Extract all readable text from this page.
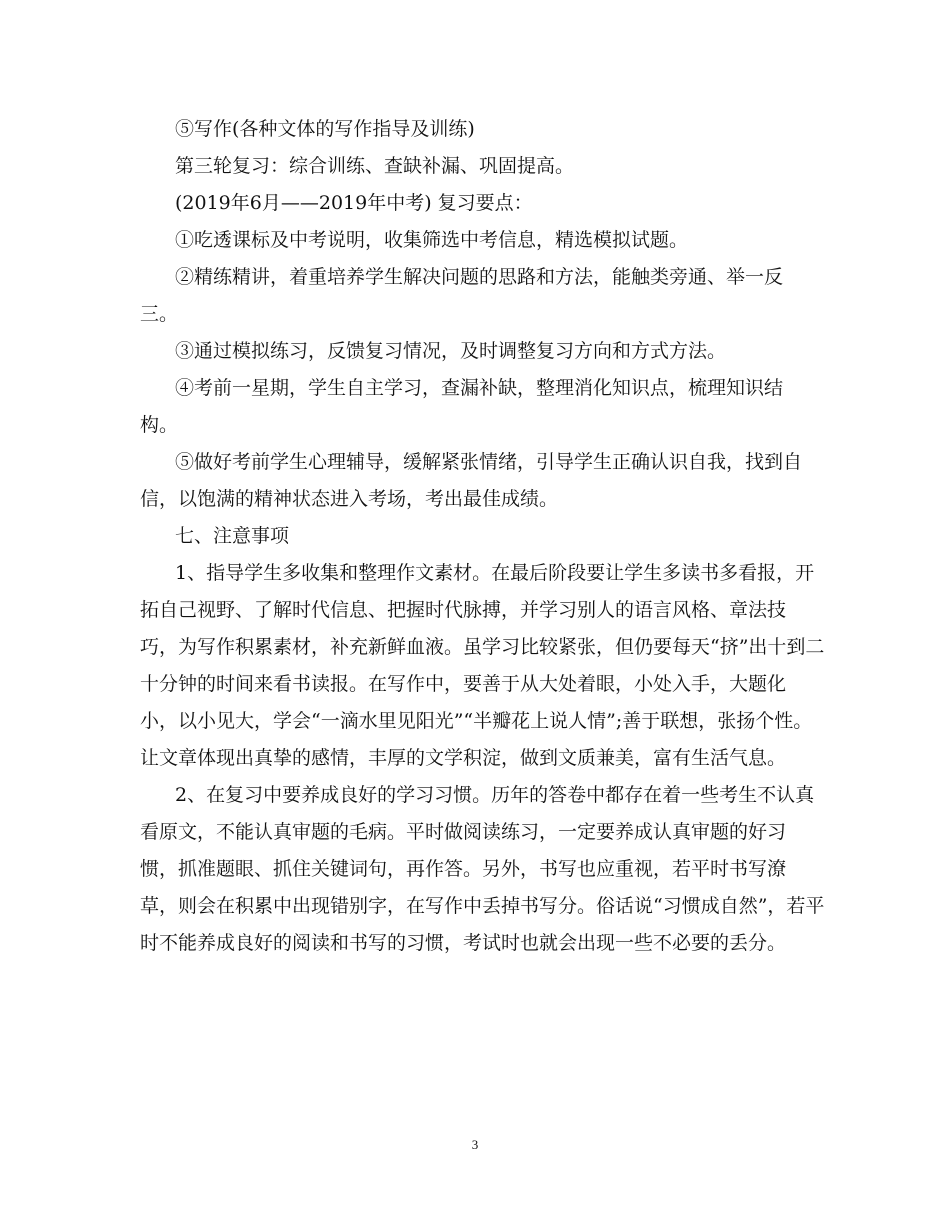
⑤写作(各种文体的写作指导及训练)
第三轮复习：综合训练、查缺补漏、巩固提高。
(2019年6月——2019年中考) 复习要点：
①吃透课标及中考说明，收集筛选中考信息，精选模拟试题。
②精练精讲，着重培养学生解决问题的思路和方法，能触类旁通、举一反
三。
③通过模拟练习，反馈复习情况，及时调整复习方向和方式方法。
④考前一星期，学生自主学习，查漏补缺，整理消化知识点，梳理知识结
构。
⑤做好考前学生心理辅导，缓解紧张情绪，引导学生正确认识自我，找到自
信，以饱满的精神状态进入考场，考出最佳成绩。
七、注意事项
1、指导学生多收集和整理作文素材。在最后阶段要让学生多读书多看报，开
拓自己视野、了解时代信息、把握时代脉搏，并学习别人的语言风格、章法技
巧，为写作积累素材，补充新鲜血液。虽学习比较紧张，但仍要每天“挤”出十到二
十分钟的时间来看书读报。在写作中，要善于从大处着眼，小处入手，大题化
小，以小见大，学会“一滴水里见阳光”“半瓣花上说人情”;善于联想，张扬个性。
让文章体现出真挚的感情，丰厚的文学积淀，做到文质兼美，富有生活气息。
2、在复习中要养成良好的学习习惯。历年的答卷中都存在着一些考生不认真
看原文，不能认真审题的毛病。平时做阅读练习，一定要养成认真审题的好习
惯，抓准题眼、抓住关键词句，再作答。另外，书写也应重视，若平时书写潦
草，则会在积累中出现错别字，在写作中丢掉书写分。俗话说“习惯成自然”，若平
时不能养成良好的阅读和书写的习惯，考试时也就会出现一些不必要的丢分。
3
